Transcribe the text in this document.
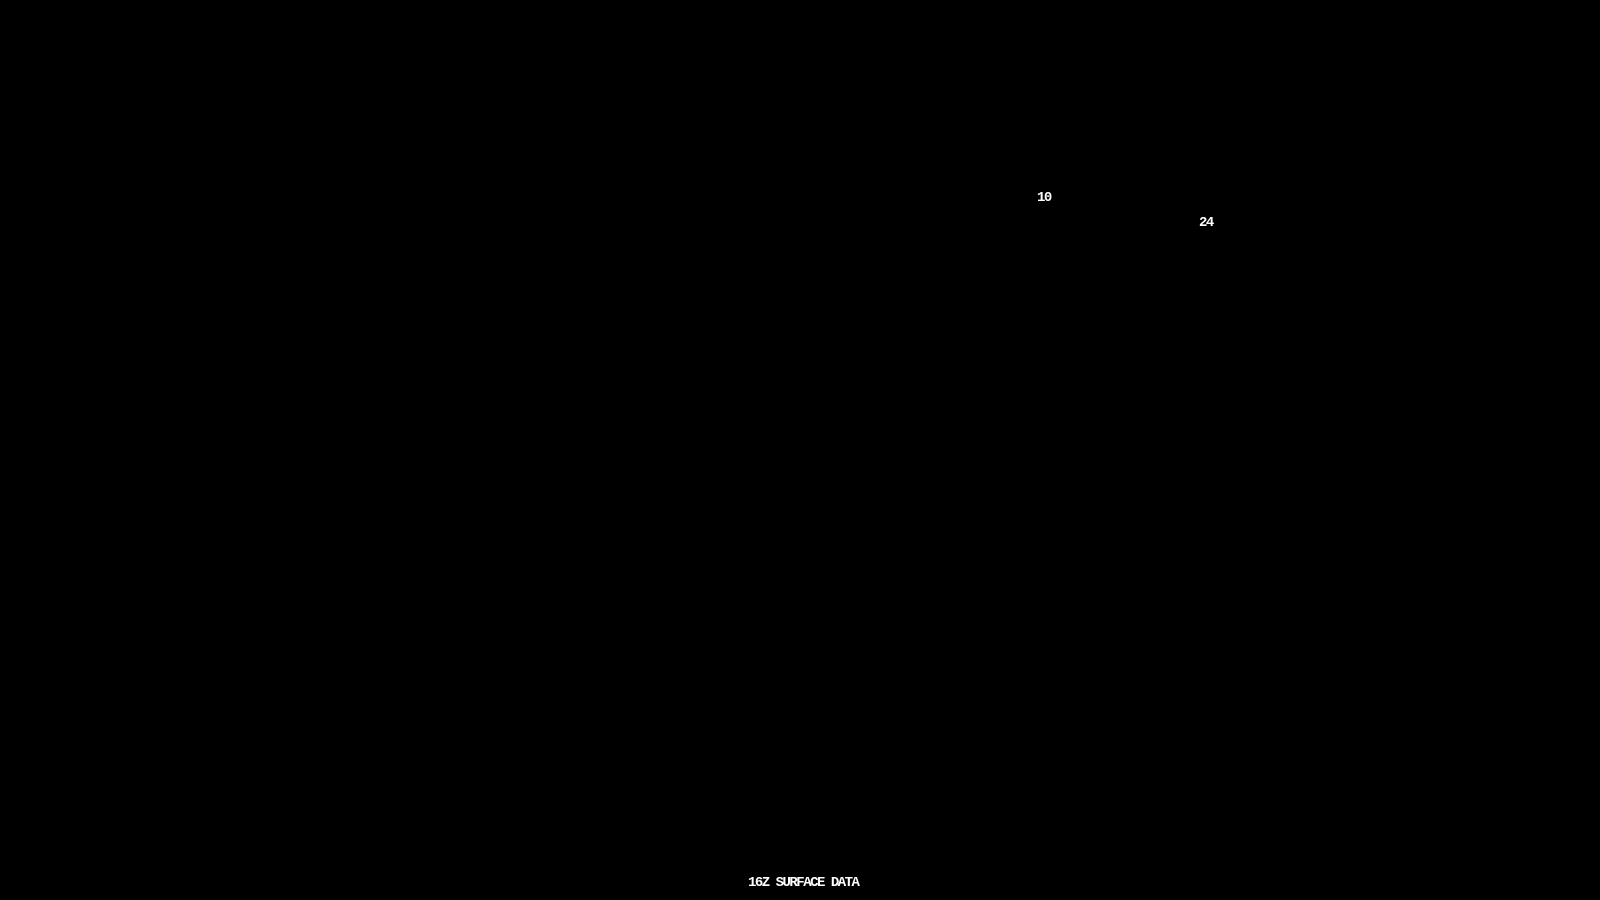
10
24
16Z SURFACE DATA
